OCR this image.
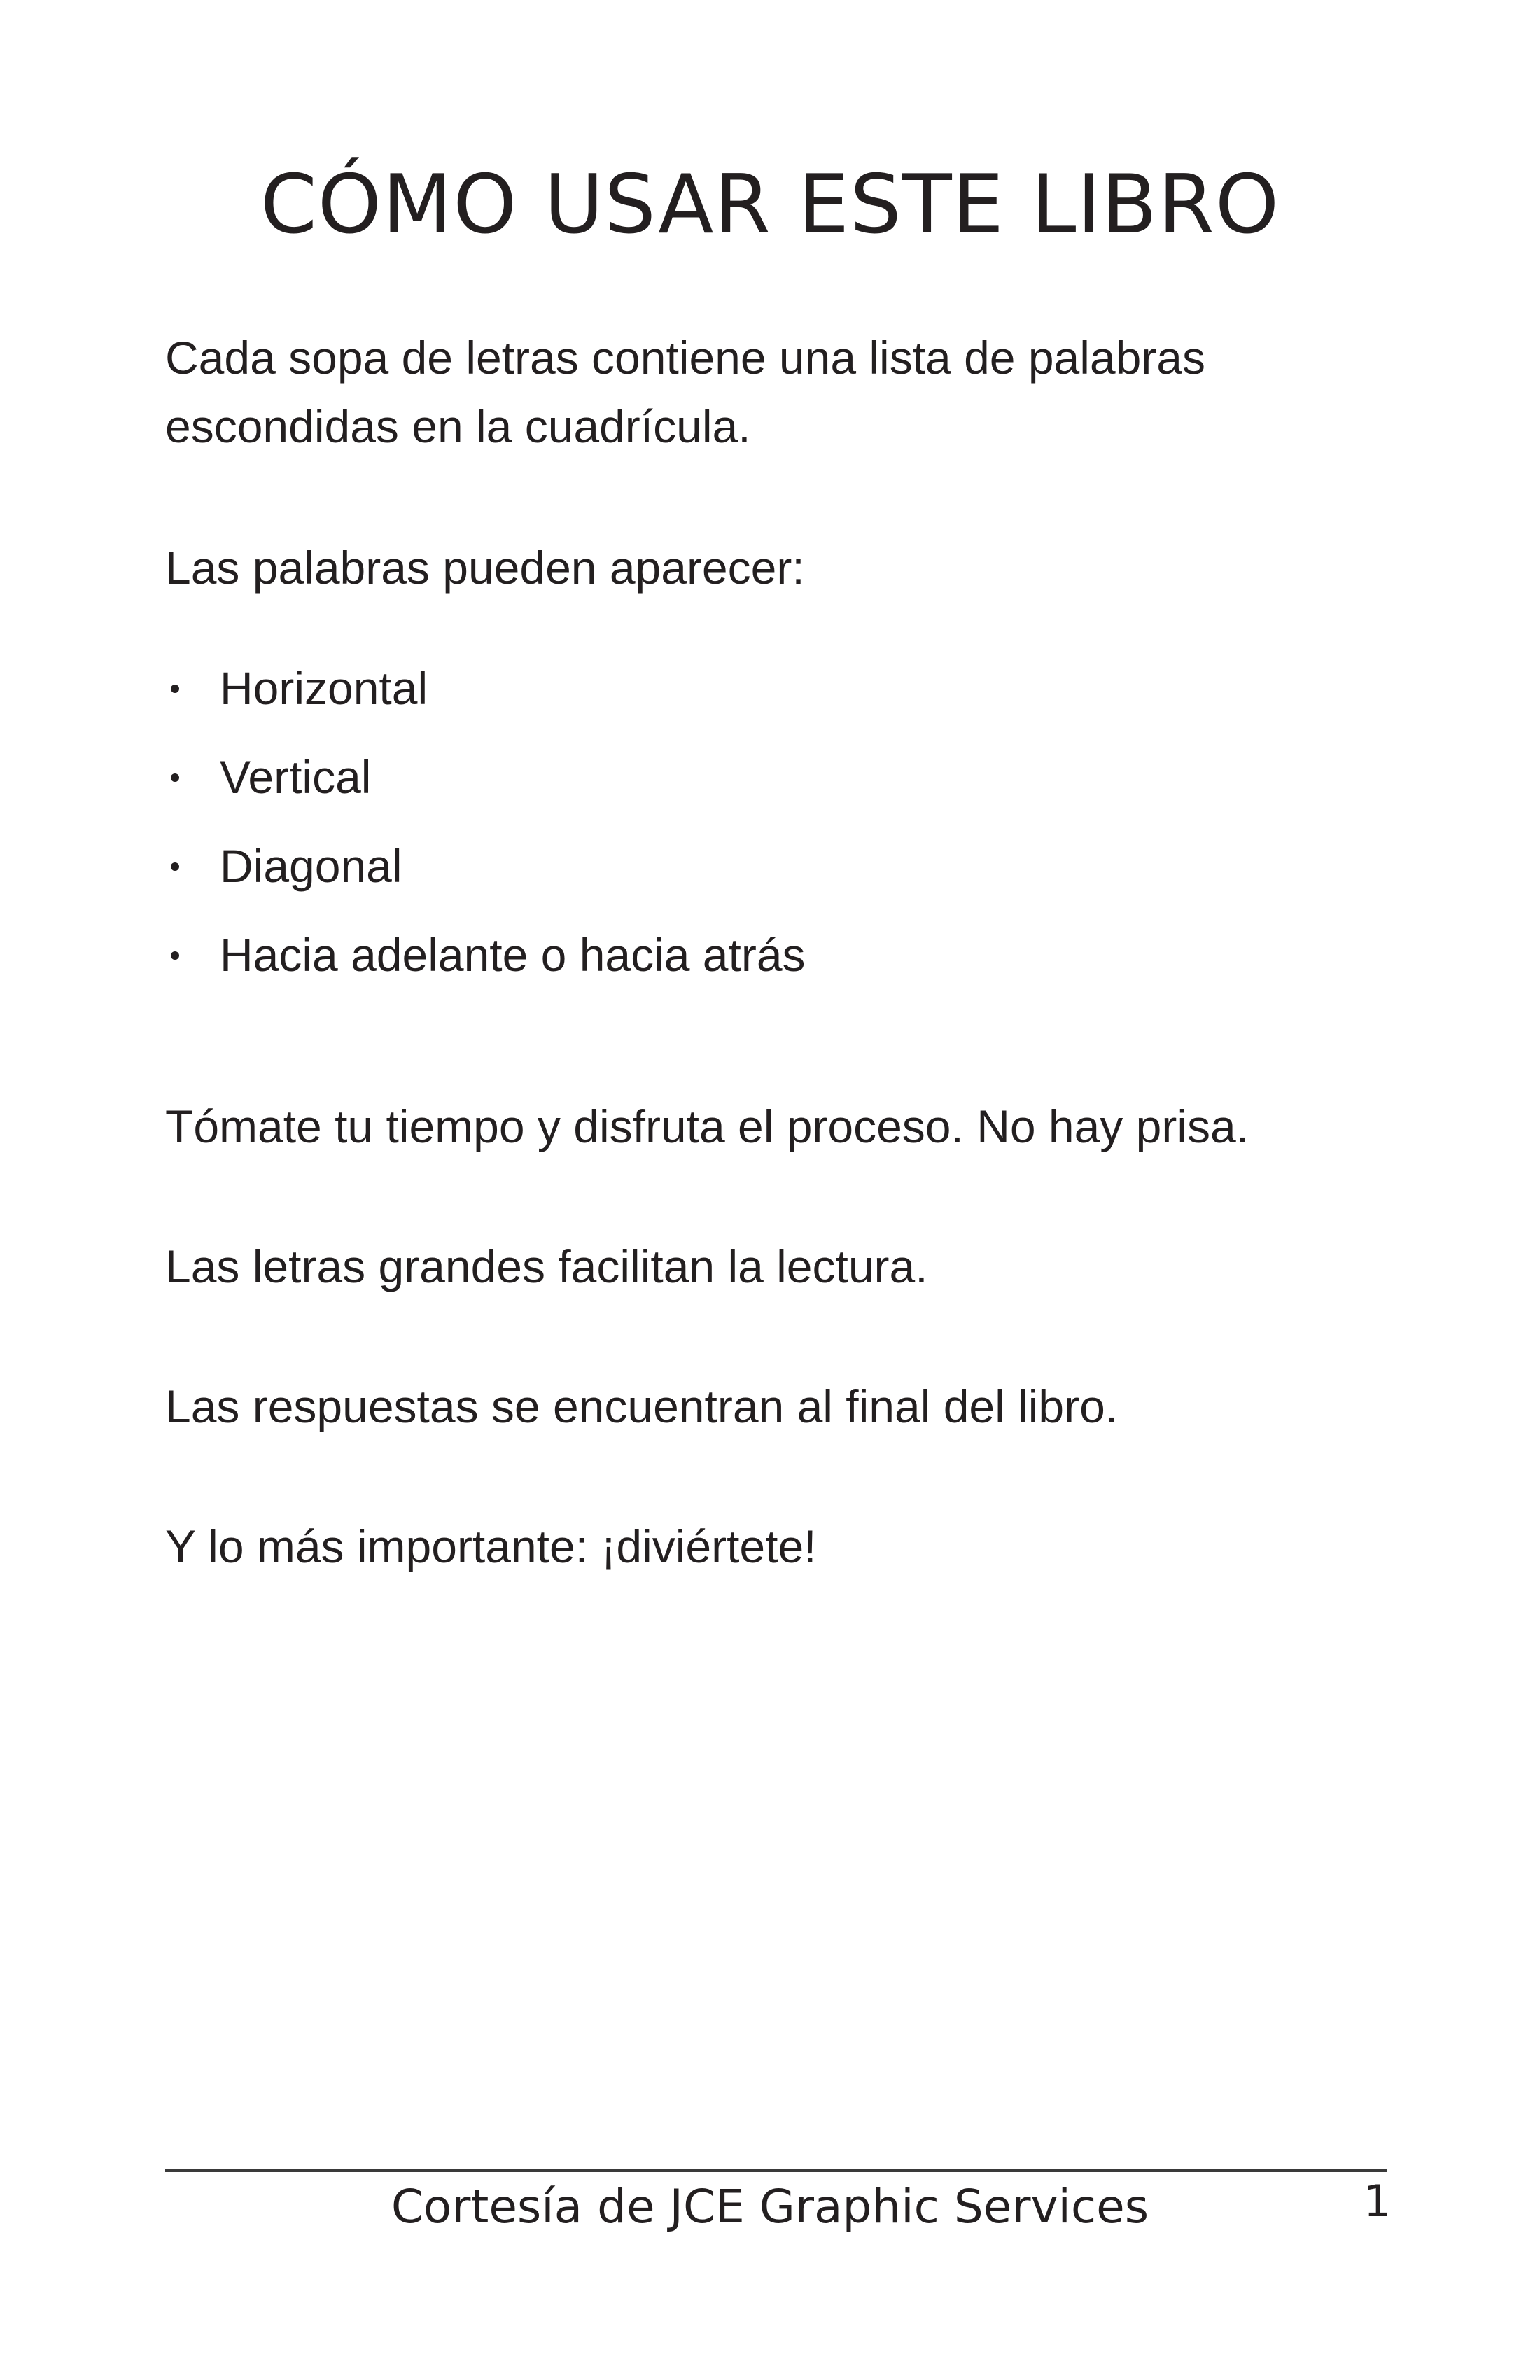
CÓMO USAR ESTE LIBRO

Cada sopa de letras contiene una lista de palabras escondidas en la cuadrícula.

Las palabras pueden aparecer:

Horizontal
Vertical
Diagonal
Hacia adelante o hacia atrás

Tómate tu tiempo y disfruta el proceso. No hay prisa.

Las letras grandes facilitan la lectura.

Las respuestas se encuentran al final del libro.

Y lo más importante: ¡diviértete!

Cortesía de JCE Graphic Services	1
